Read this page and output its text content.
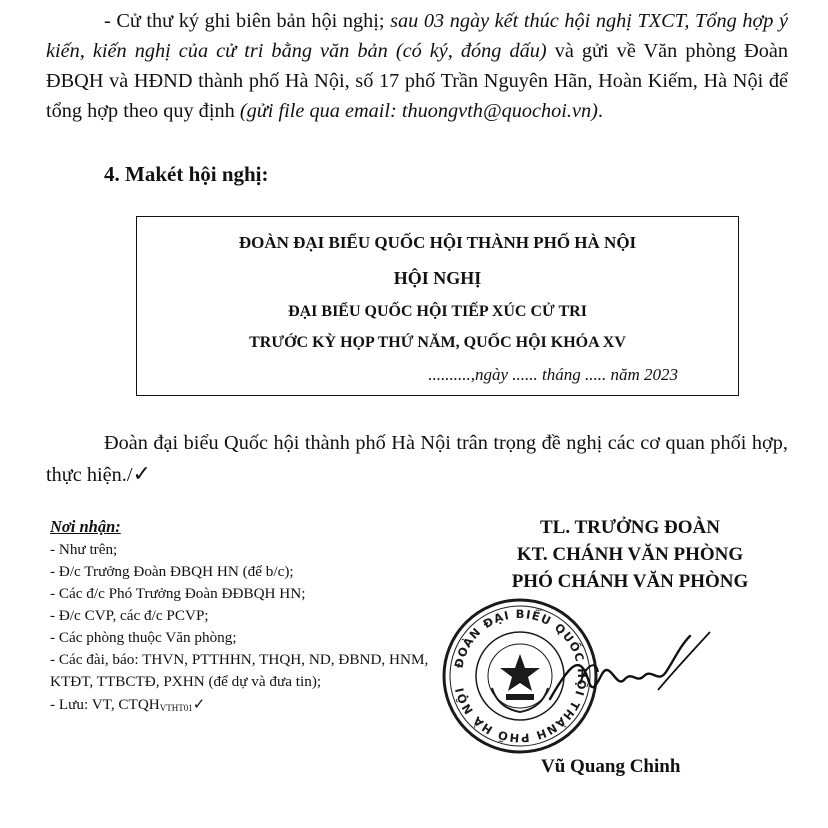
- Cử thư ký ghi biên bản hội nghị; sau 03 ngày kết thúc hội nghị TXCT, Tổng hợp ý kiến, kiến nghị của cử tri bằng văn bản (có ký, đóng dấu) và gửi về Văn phòng Đoàn ĐBQH và HĐND thành phố Hà Nội, số 17 phố Trần Nguyên Hãn, Hoàn Kiếm, Hà Nội để tổng hợp theo quy định (gửi file qua email: thuongvth@quochoi.vn).

4. Makét hội nghị:

ĐOÀN ĐẠI BIỂU QUỐC HỘI THÀNH PHỐ HÀ NỘI
HỘI NGHỊ
ĐẠI BIỂU QUỐC HỘI TIẾP XÚC CỬ TRI
TRƯỚC KỲ HỌP THỨ NĂM, QUỐC HỘI KHÓA XV
..........,ngày ...... tháng ..... năm 2023

Đoàn đại biểu Quốc hội thành phố Hà Nội trân trọng đề nghị các cơ quan phối hợp, thực hiện./✓

Nơi nhận:

- Như trên;

- Đ/c Trưởng Đoàn ĐBQH HN (để b/c);

- Các đ/c Phó Trưởng Đoàn ĐĐBQH HN;

- Đ/c CVP, các đ/c PCVP;

- Các phòng thuộc Văn phòng;

- Các đài, báo: THVN, PTTHHN, THQH, ND, ĐBND, HNM, KTĐT, TTBCTĐ, PXHN (để dự và đưa tin);

- Lưu: VT, CTQHVTHT01✓

TL. TRƯỞNG ĐOÀN
KT. CHÁNH VĂN PHÒNG
PHÓ CHÁNH VĂN PHÒNG
ĐOÀN ĐẠI BIỂU QUỐC HỘI THÀNH PHỐ HÀ NỘI
Vũ Quang Chinh
